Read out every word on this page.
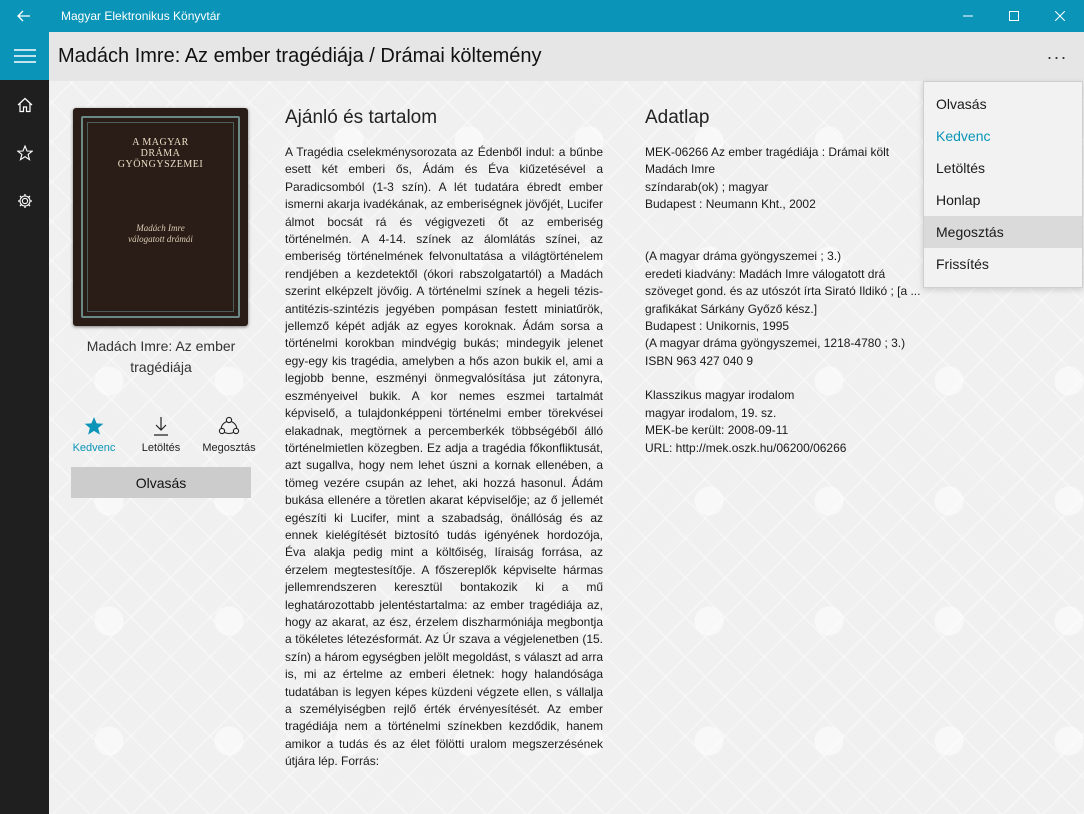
Magyar Elektronikus Könyvtár
Madách Imre: Az ember tragédiája / Drámai költemény	···
A MAGYAR
DRÁMA
GYÖNGYSZEMEI
Madách Imre
válogatott drámái
Madách Imre: Az ember tragédiája
Kedvenc	Letöltés	Megosztás
Olvasás
Ajánló és tartalom
A Tragédia cselekménysorozata az Édenből indul: a bűnbe esett két emberi ős, Ádám és Éva kiűzetésével a Paradicsomból (1-3 szín). A lét tudatára ébredt ember ismerni akarja ivadékának, az emberiségnek jövőjét, Lucifer álmot bocsát rá és végigvezeti őt az emberiség történelmén. A 4-14. színek az álomlátás színei, az emberiség történelmének felvonultatása a világtörténelem rendjében a kezdetektől (ókori rabszolgatartól) a Madách szerint elképzelt jövőig. A történelmi színek a hegeli tézis-antitézis-szintézis jegyében pompásan festett miniatűrök, jellemző képét adják az egyes koroknak. Ádám sorsa a történelmi korokban mindvégig bukás; mindegyik jelenet egy-egy kis tragédia, amelyben a hős azon bukik el, ami a legjobb benne, eszményi önmegvalósítása jut zátonyra, eszményeivel bukik. A kor nemes eszmei tartalmát képviselő, a tulajdonképpeni történelmi ember törekvései elakadnak, megtörnek a percemberkék többségéből álló történelmietlen közegben. Ez adja a tragédia főkonfliktusát, azt sugallva, hogy nem lehet úszni a kornak ellenében, a tömeg vezére csupán az lehet, aki hozzá hasonul. Ádám bukása ellenére a töretlen akarat képviselője; az ő jellemét egészíti ki Lucifer, mint a szabadság, önállóság és az ennek kielégítését biztosító tudás igényének hordozója, Éva alakja pedig mint a költőiség, líraiság forrása, az érzelem megtestesítője. A főszereplők képviselte hármas jellemrendszeren keresztül bontakozik ki a mű leghatározottabb jelentéstartalma: az ember tragédiája az, hogy az akarat, az ész, érzelem diszharmóniája megbontja a tökéletes létezésformát. Az Úr szava a végjelenetben (15. szín) a három egységben jelölt megoldást, s választ ad arra is, mi az értelme az emberi életnek: hogy halandósága tudatában is legyen képes küzdeni végzete ellen, s vállalja a személyiségben rejlő érték érvényesítését. Az ember tragédiája nem a történelmi színekben kezdődik, hanem amikor a tudás és az élet fölötti uralom megszerzésének útjára lép. Forrás:
Adatlap
MEK-06266 Az ember tragédiája : Drámai költ
Madách Imre
színdarab(ok) ; magyar
Budapest : Neumann Kht., 2002
(A magyar dráma gyöngyszemei ; 3.)
eredeti kiadvány: Madách Imre válogatott drá
szöveget gond. és az utószót írta Sirató Ildikó ; [a ...
grafikákat Sárkány Győző kész.]
Budapest : Unikornis, 1995
(A magyar dráma gyöngyszemei, 1218-4780 ; 3.)
ISBN 963 427 040 9
Klasszikus magyar irodalom
magyar irodalom, 19. sz.
MEK-be került: 2008-09-11
URL: http://mek.oszk.hu/06200/06266
Olvasás
Kedvenc
Letöltés
Honlap
Megosztás
Frissítés
